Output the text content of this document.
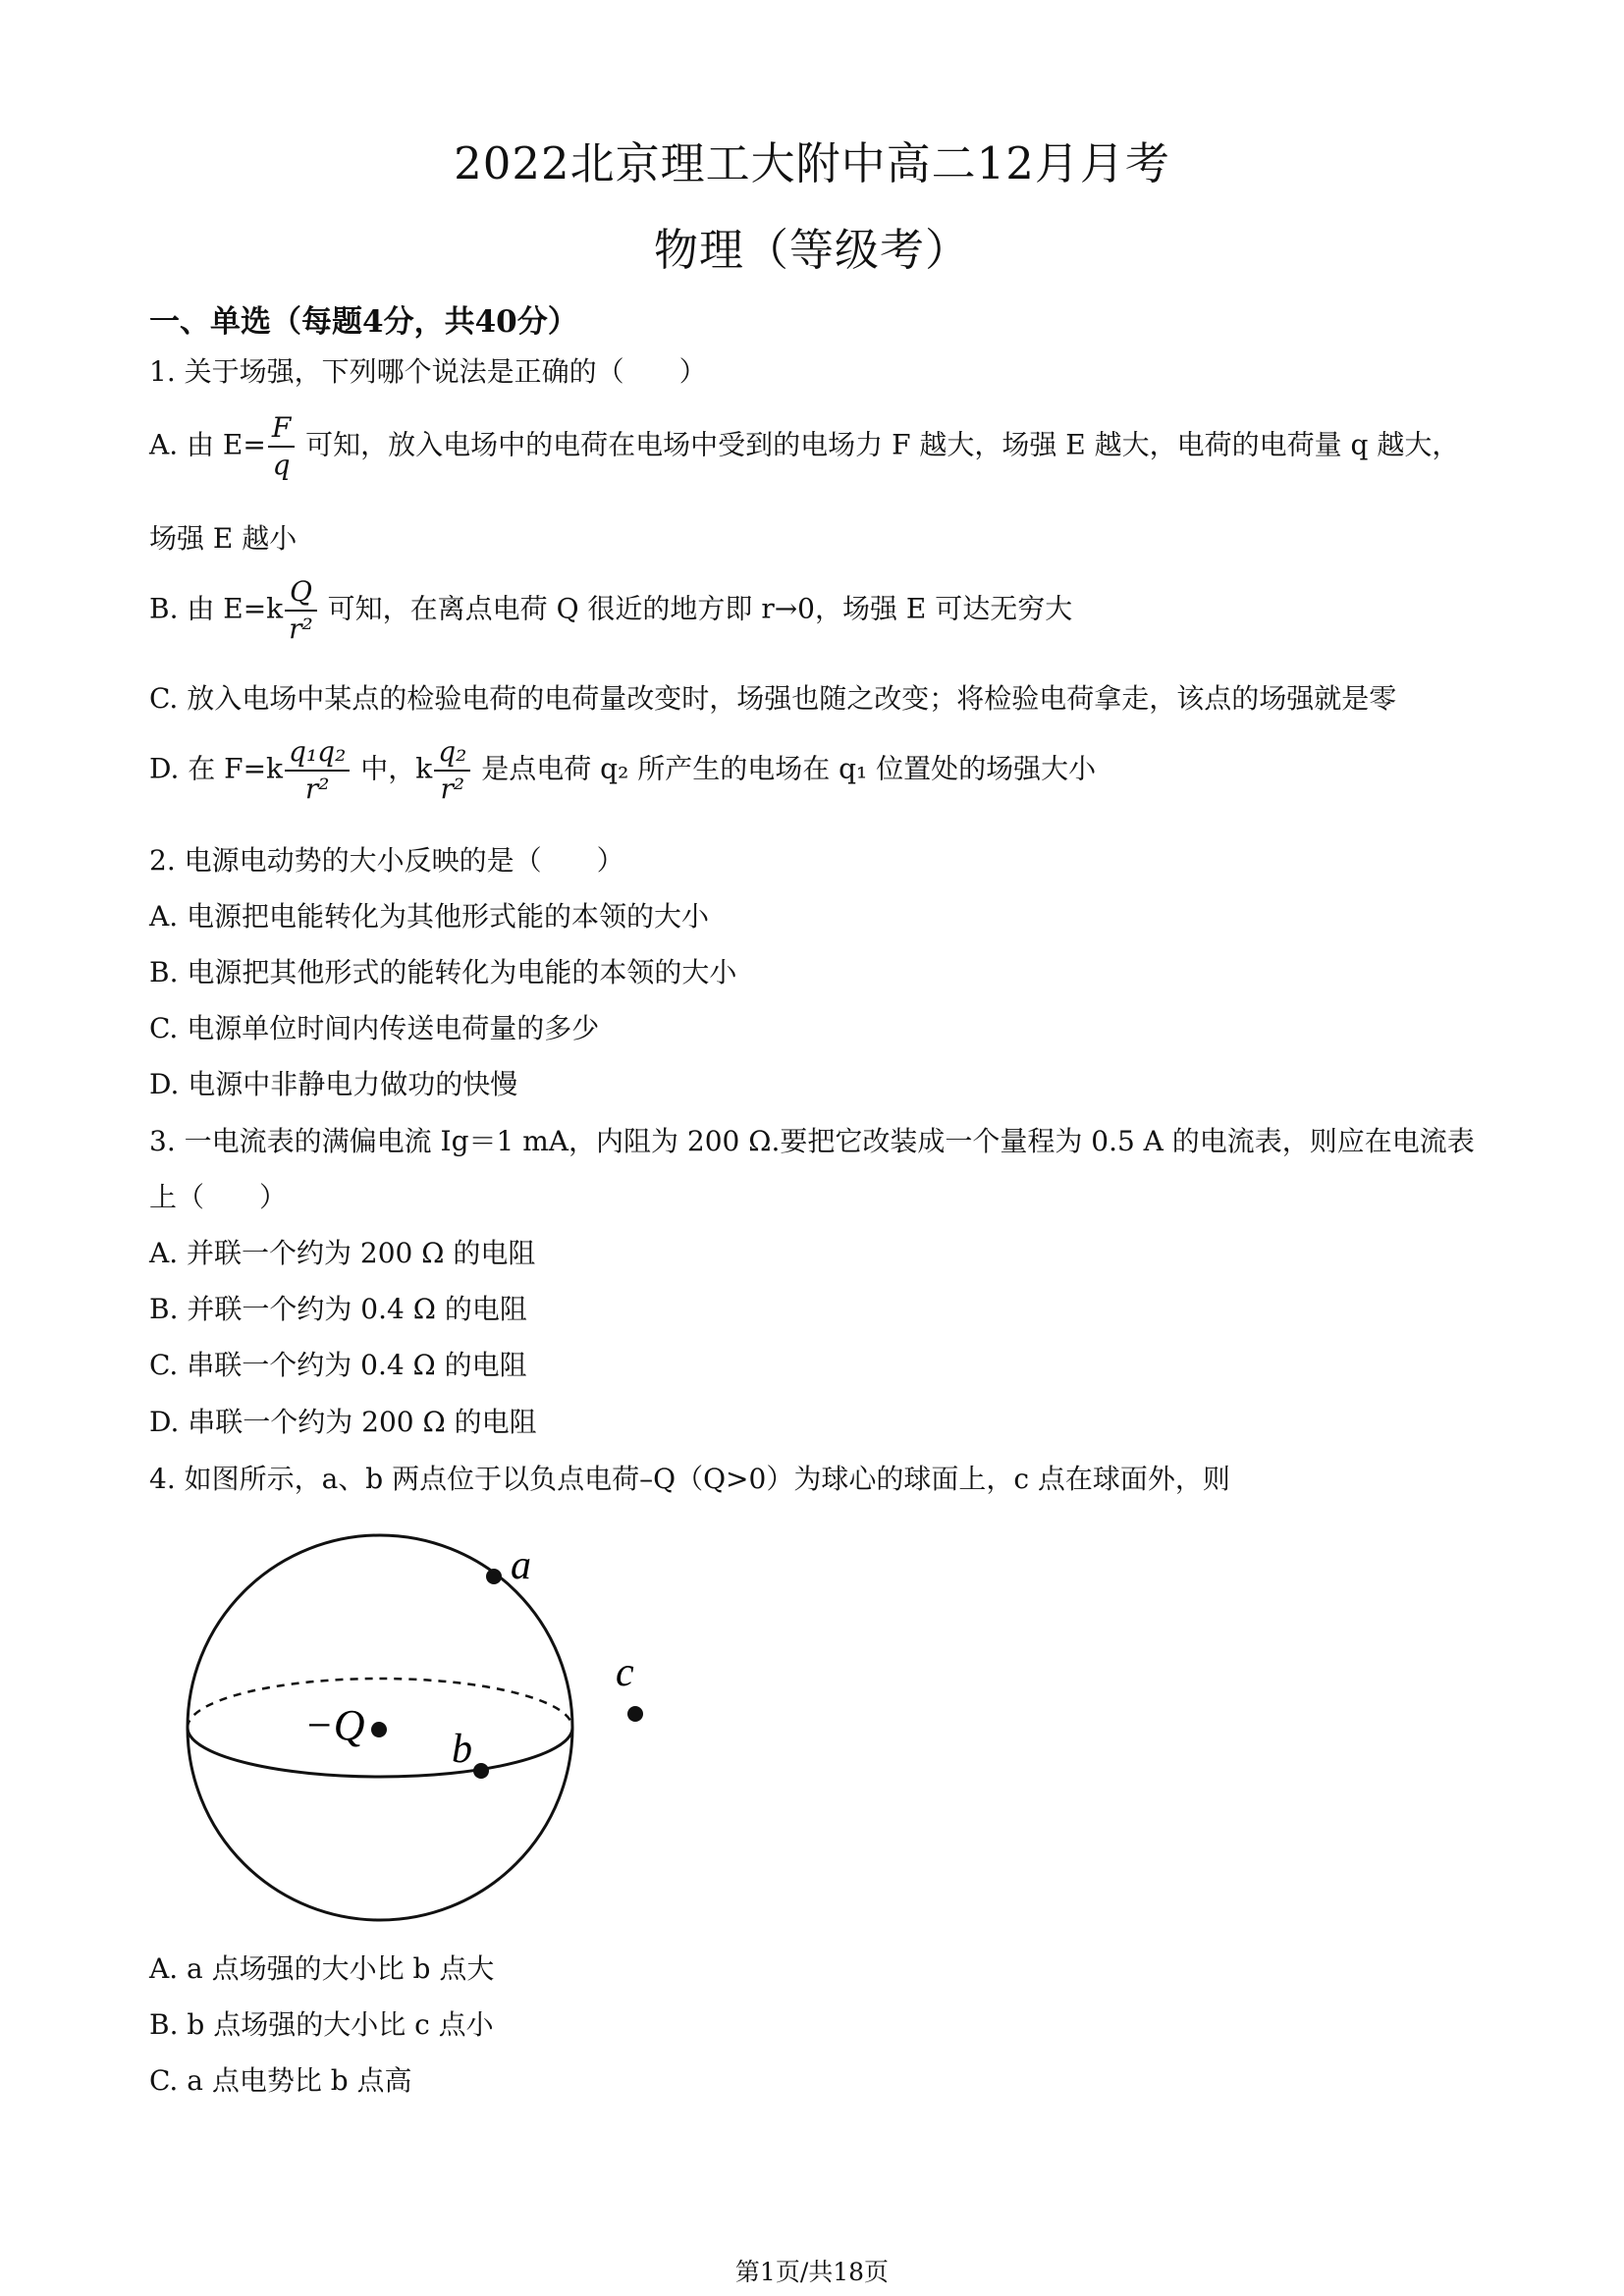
2022北京理工大附中高二12月月考
物理（等级考）
一、单选（每题4分，共40分）
1. 关于场强，下列哪个说法是正确的（　　）
A. 由 $E= \frac{F}{q}$ 可知，放入电场中的电荷在电场中受到的电场力 F 越大，场强 E 越大，电荷的电荷量 q 越大，
场强 E 越小
B. 由 $E=k \frac{Q}{\text{r²}}$ 可知，在离点电荷 Q 很近的地方即 r→0，场强 E 可达无穷大
C. 放入电场中某点的检验电荷的电荷量改变时，场强也随之改变；将检验电荷拿走，该点的场强就是零
D. 在 $F=k \frac{\text{q₁q₂}}{\text{r²}}$ 中，k $\frac{\text{q₂}}{\text{r²}}$ 是点电荷 q₂ 所产生的电场在 q₁ 位置处的场强大小
2. 电源电动势的大小反映的是（　　）
A. 电源把电能转化为其他形式能的本领的大小
B. 电源把其他形式的能转化为电能的本领的大小
C. 电源单位时间内传送电荷量的多少
D. 电源中非静电力做功的快慢
3. 一电流表的满偏电流 Ig＝1 mA，内阻为 200 Ω.要把它改装成一个量程为 0.5 A 的电流表，则应在电流表
上（　　）
A. 并联一个约为 200 Ω 的电阻
B. 并联一个约为 0.4 Ω 的电阻
C. 串联一个约为 0.4 Ω 的电阻
D. 串联一个约为 200 Ω 的电阻
4. 如图所示，a、b 两点位于以负点电荷–Q（Q>0）为球心的球面上，c 点在球面外，则
−Q
a
b
c
A. a 点场强的大小比 b 点大
B. b 点场强的大小比 c 点小
C. a 点电势比 b 点高
第1页/共18页
